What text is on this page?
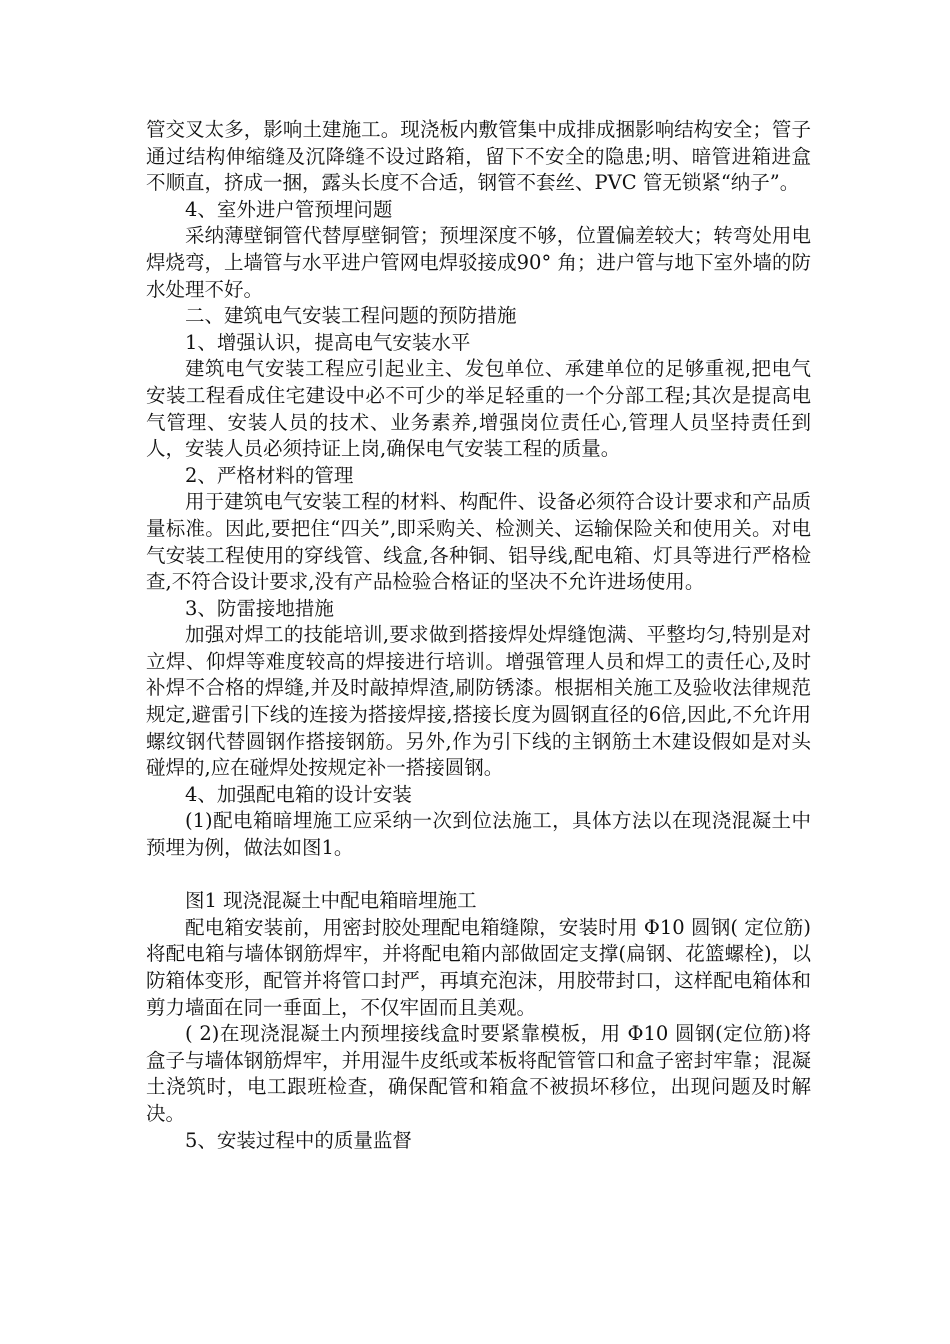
管交叉太多，影响土建施工。现浇板内敷管集中成排成捆影响结构安全；管子通过结构伸缩缝及沉降缝不设过路箱，留下不安全的隐患;明、暗管进箱进盒不顺直，挤成一捆，露头长度不合适，钢管不套丝、PVC 管无锁紧“纳子”。

4、室外进户管预埋问题

采纳薄壁铜管代替厚壁铜管；预埋深度不够，位置偏差较大；转弯处用电焊烧弯，上墙管与水平进户管网电焊驳接成90° 角；进户管与地下室外墙的防水处理不好。

二、建筑电气安装工程问题的预防措施

1、增强认识，提高电气安装水平

建筑电气安装工程应引起业主、发包单位、承建单位的足够重视,把电气安装工程看成住宅建设中必不可少的举足轻重的一个分部工程;其次是提高电气管理、安装人员的技术、业务素养,增强岗位责任心,管理人员坚持责任到人，安装人员必须持证上岗,确保电气安装工程的质量。

2、严格材料的管理

用于建筑电气安装工程的材料、构配件、设备必须符合设计要求和产品质量标准。因此,要把住“四关”,即采购关、检测关、运输保险关和使用关。对电气安装工程使用的穿线管、线盒,各种铜、铝导线,配电箱、灯具等进行严格检查,不符合设计要求,没有产品检验合格证的坚决不允许进场使用。

3、防雷接地措施

加强对焊工的技能培训,要求做到搭接焊处焊缝饱满、平整均匀,特别是对立焊、仰焊等难度较高的焊接进行培训。增强管理人员和焊工的责任心,及时补焊不合格的焊缝,并及时敲掉焊渣,刷防锈漆。根据相关施工及验收法律规范规定,避雷引下线的连接为搭接焊接,搭接长度为圆钢直径的6倍,因此,不允许用螺纹钢代替圆钢作搭接钢筋。另外,作为引下线的主钢筋土木建设假如是对头碰焊的,应在碰焊处按规定补一搭接圆钢。

4、加强配电箱的设计安装

(1)配电箱暗埋施工应采纳一次到位法施工，具体方法以在现浇混凝土中预埋为例，做法如图1。

图1 现浇混凝土中配电箱暗埋施工

配电箱安装前，用密封胶处理配电箱缝隙，安装时用 Φ10 圆钢( 定位筋)将配电箱与墙体钢筋焊牢，并将配电箱内部做固定支撑(扁钢、花篮螺栓)，以防箱体变形，配管并将管口封严，再填充泡沫，用胶带封口，这样配电箱体和剪力墙面在同一垂面上，不仅牢固而且美观。

( 2)在现浇混凝土内预埋接线盒时要紧靠模板，用 Φ10 圆钢(定位筋)将盒子与墙体钢筋焊牢，并用湿牛皮纸或苯板将配管管口和盒子密封牢靠；混凝土浇筑时，电工跟班检查，确保配管和箱盒不被损坏移位，出现问题及时解决。

5、安装过程中的质量监督
